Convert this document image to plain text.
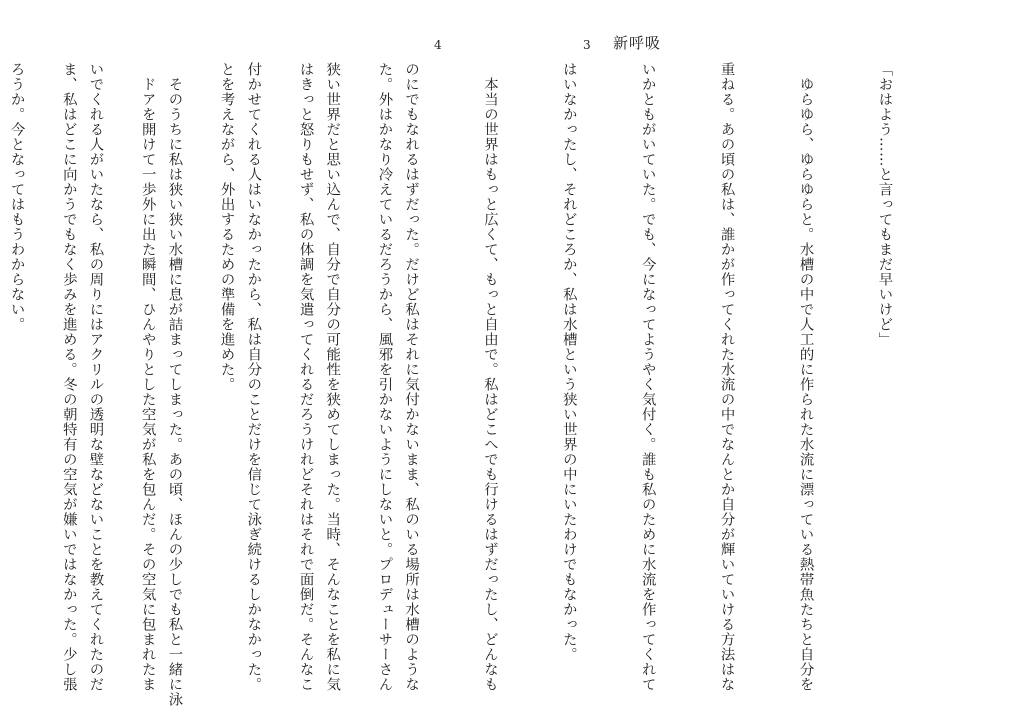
3 新呼吸
4

「おはよう……と言ってもまだ早いけど」

　ゆらゆら、ゆらゆらと。水槽の中で人工的に作られた水流に漂っている熱帯魚たちと自分を

重ねる。あの頃の私は、誰かが作ってくれた水流の中でなんとか自分が輝いていける方法はな

いかともがいていた。でも、今になってようやく気付く。誰も私のために水流を作ってくれて

はいなかったし、それどころか、私は水槽という狭い世界の中にいたわけでもなかった。

　本当の世界はもっと広くて、もっと自由で。私はどこへでも行けるはずだったし、どんなも

のにでもなれるはずだった。だけど私はそれに気付かないまま、私のいる場所は水槽のような

狭い世界だと思い込んで、自分で自分の可能性を狭めてしまった。当時、そんなことを私に気

付かせてくれる人はいなかったから、私は自分のことだけを信じて泳ぎ続けるしかなかった。

　そのうちに私は狭い狭い水槽に息が詰まってしまった。あの頃、ほんの少しでも私と一緒に泳

いでくれる人がいたなら、私の周りにはアクリルの透明な壁などないことを教えてくれたのだ

ろうか。今となってはもうわからない。

	た。外はかなり冷えているだろうから、風邪を引かないようにしないと。プロデューサーさん

はきっと怒りもせず、私の体調を気遣ってくれるだろうけれどそれはそれで面倒だ。そんなこ

とを考えながら、外出するための準備を進めた。

　ドアを開けて一歩外に出た瞬間、ひんやりとした空気が私を包んだ。その空気に包まれたま

ま、私はどこに向かうでもなく歩みを進める。冬の朝特有の空気が嫌いではなかった。少し張
